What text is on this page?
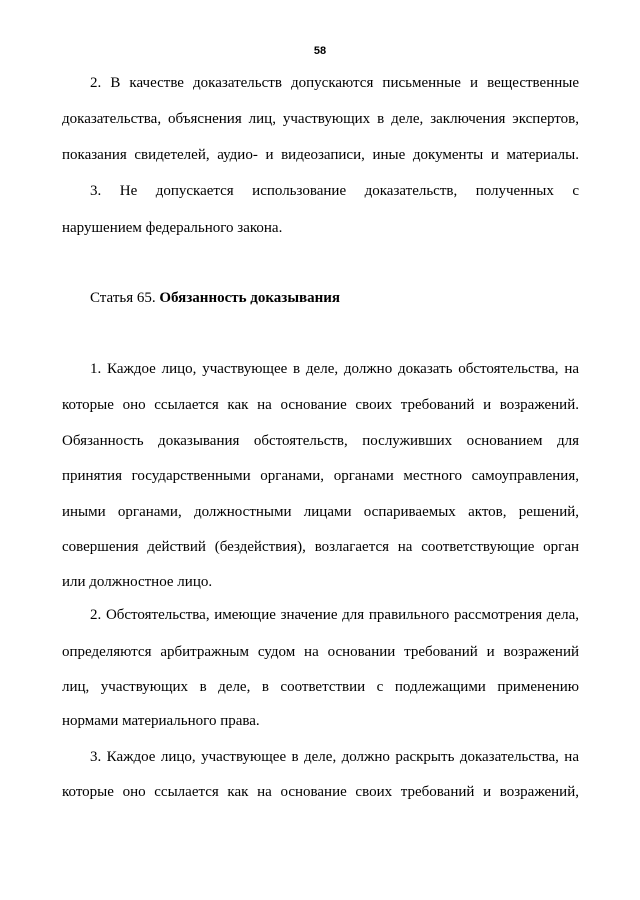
58
2. В качестве доказательств допускаются письменные и вещественные
доказательства, объяснения лиц, участвующих в деле, заключения экспертов,
показания свидетелей, аудио- и видеозаписи, иные документы и материалы.
3. Не допускается использование доказательств, полученных с
нарушением федерального закона.
Статья 65. Обязанность доказывания
1. Каждое лицо, участвующее в деле, должно доказать обстоятельства, на
которые оно ссылается как на основание своих требований и возражений.
Обязанность доказывания обстоятельств, послуживших основанием для
принятия государственными органами, органами местного самоуправления,
иными органами, должностными лицами оспариваемых актов, решений,
совершения действий (бездействия), возлагается на соответствующие орган
или должностное лицо.
2. Обстоятельства, имеющие значение для правильного рассмотрения дела,
определяются арбитражным судом на основании требований и возражений
лиц, участвующих в деле, в соответствии с подлежащими применению
нормами материального права.
3. Каждое лицо, участвующее в деле, должно раскрыть доказательства, на
которые оно ссылается как на основание своих требований и возражений,
